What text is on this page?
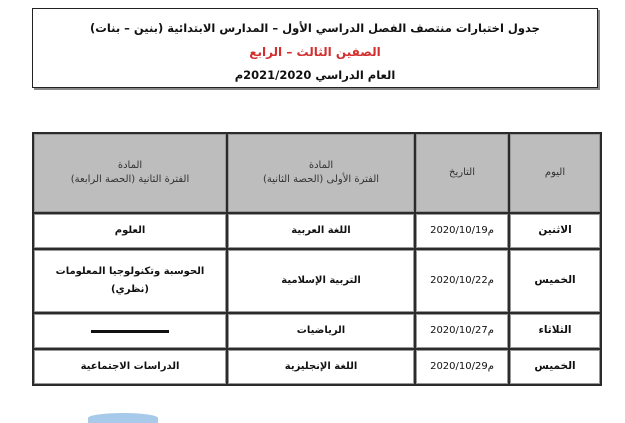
جدول اختبارات منتصف الفصل الدراسي الأول – المدارس الابتدائية (بنين – بنات)
الصفين الثالث – الرابع
العام الدراسي 2021/2020م
اليوم
التاريخ
المادة
الفترة الأولى (الحصة الثانية)
المادة
الفترة الثانية (الحصة الرابعة)
الاثنين
2020/10/19م
اللغة العربية
العلوم
الخميس
2020/10/22م
التربية الإسلامية
الحوسبة وتكنولوجيا المعلومات
(نظري)
الثلاثاء
2020/10/27م
الرياضيات
الخميس
2020/10/29م
اللغة الإنجليزية
الدراسات الاجتماعية
